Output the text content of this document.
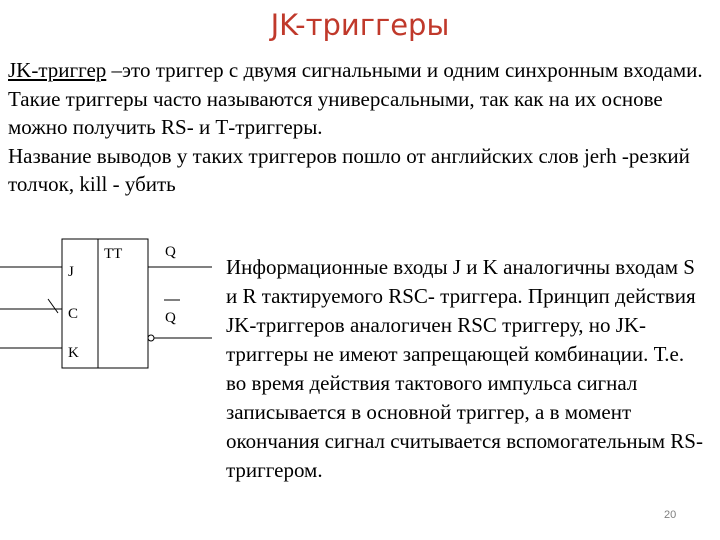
JK-триггеры

JK-триггер –это триггер с двумя сигнальными и одним синхронным входами.

Такие триггеры часто называются универсальными, так как на их основе можно получить RS- и Т-триггеры.

Название выводов у таких триггеров пошло от английских слов jerh -резкий толчок, kill - убить

TT
J
C
K
Q
Q
Информационные входы J и K аналогичны входам S и R тактируемого RSC- триггера. Принцип действия JK-триггеров аналогичен RSC триггеру, но JK-триггеры не имеют запрещающей комбинации. Т.е. во время действия тактового импульса сигнал записывается в основной триггер, а в момент окончания сигнал считывается вспомогательным RS-триггером.
20
